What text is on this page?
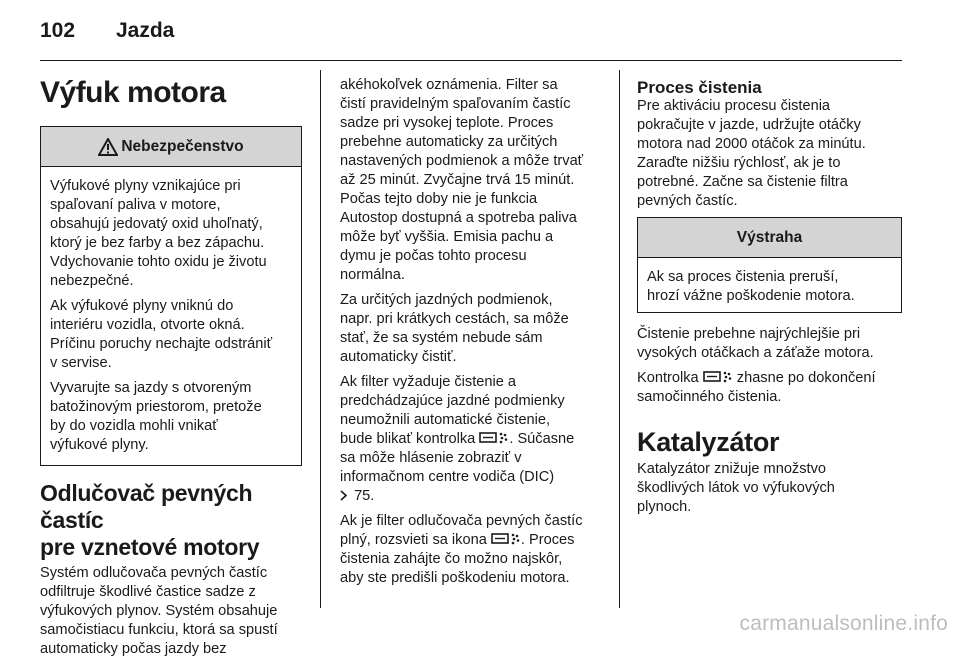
102 Jazda
Výfuk motora
Nebezpečenstvo

Výfukové plyny vznikajúce pri
spaľovaní paliva v motore,
obsahujú jedovatý oxid uhoľnatý,
ktorý je bez farby a bez zápachu.
Vdychovanie tohto oxidu je životu
nebezpečné.

Ak výfukové plyny vniknú do
interiéru vozidla, otvorte okná.
Príčinu poruchy nechajte odstrániť
v servise.

Vyvarujte sa jazdy s otvoreným
batožinovým priestorom, pretože
by do vozidla mohli vnikať
výfukové plyny.

Odlučovač pevných častíc
pre vznetové motory

Systém odlučovača pevných častíc
odfiltruje škodlivé častice sadze z
výfukových plynov. Systém obsahuje
samočistiacu funkciu, ktorá sa spustí
automaticky počas jazdy bez

akéhokoľvek oznámenia. Filter sa
čistí pravidelným spaľovaním častíc
sadze pri vysokej teplote. Proces
prebehne automaticky za určitých
nastavených podmienok a môže trvať
až 25 minút. Zvyčajne trvá 15 minút.
Počas tejto doby nie je funkcia
Autostop dostupná a spotreba paliva
môže byť vyššia. Emisia pachu a
dymu je počas tohto procesu
normálna.

Za určitých jazdných podmienok,
napr. pri krátkych cestách, sa môže
stať, že sa systém nebude sám
automaticky čistiť.

Ak filter vyžaduje čistenie a
predchádzajúce jazdné podmienky
neumožnili automatické čistenie,
bude blikať kontrolka . Súčasne
sa môže hlásenie zobraziť v
informačnom centre vodiča (DIC)
75.

Ak je filter odlučovača pevných častíc
plný, rozsvieti sa ikona . Proces
čistenia zahájte čo možno najskôr,
aby ste predišli poškodeniu motora.

Proces čistenia

Pre aktiváciu procesu čistenia
pokračujte v jazde, udržujte otáčky
motora nad 2000 otáčok za minútu.
Zaraďte nižšiu rýchlosť, ak je to
potrebné. Začne sa čistenie filtra
pevných častíc.

Výstraha

Ak sa proces čistenia preruší,
hrozí vážne poškodenie motora.

Čistenie prebehne najrýchlejšie pri
vysokých otáčkach a záťaže motora.

Kontrolka	zhasne po dokončení
samočinného čistenia.

Katalyzátor

Katalyzátor znižuje množstvo
škodlivých látok vo výfukových
plynoch.

carmanualsonline.info
